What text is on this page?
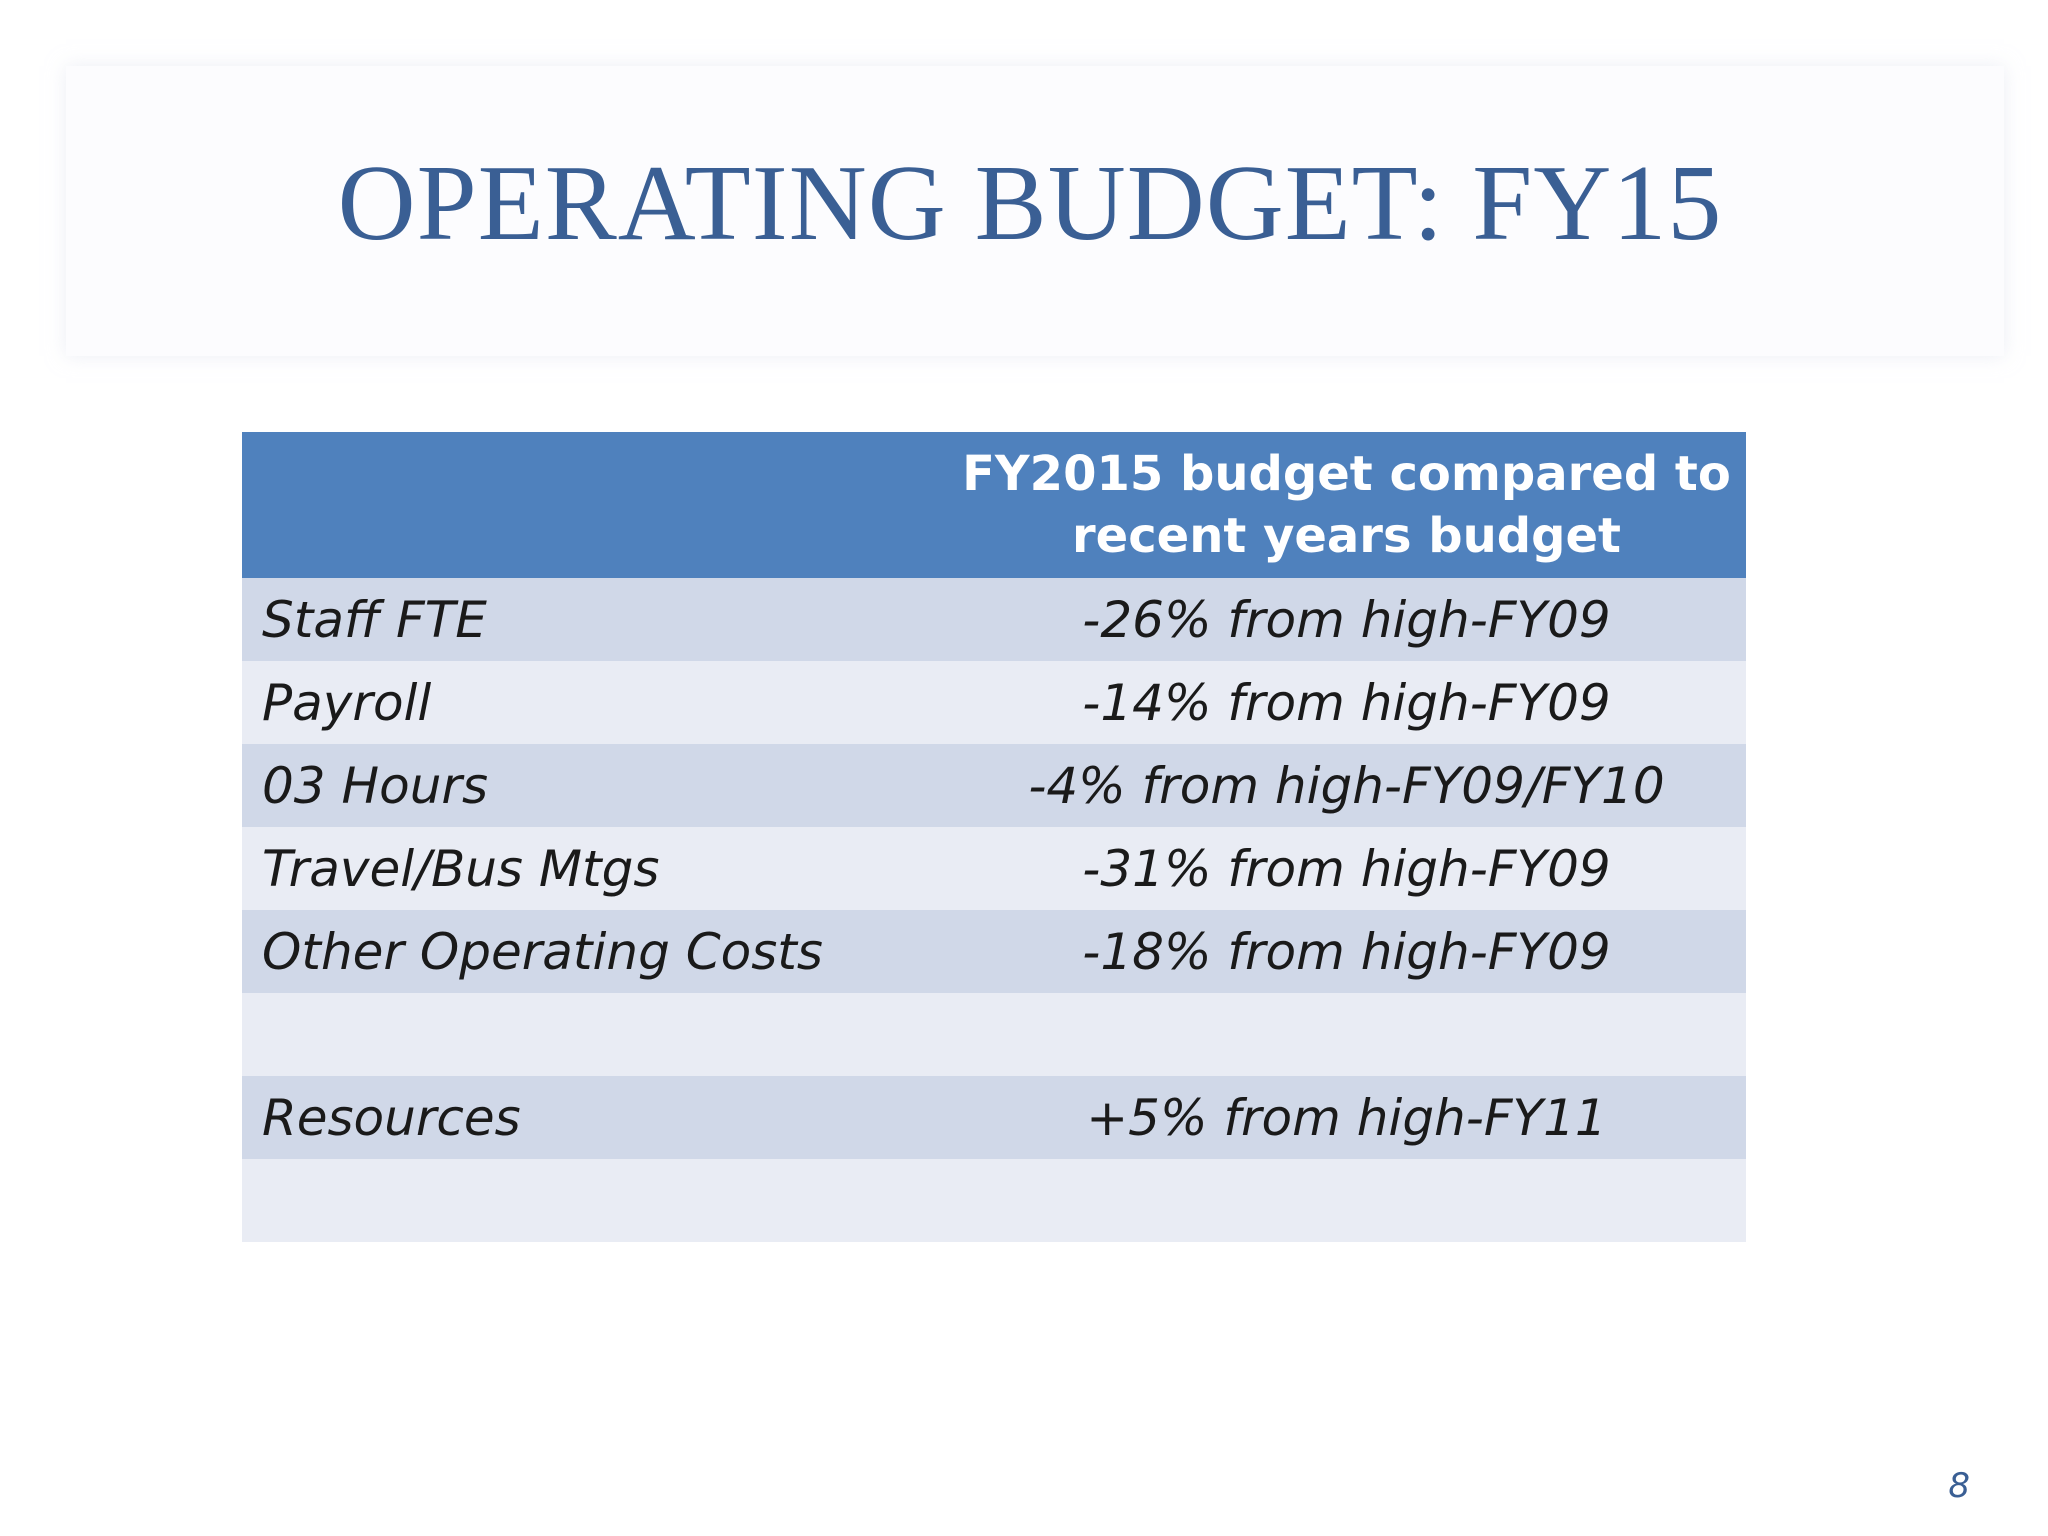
OPERATING BUDGET: FY15
	FY2015 budget compared to
recent years budget
Staff FTE	-26% from high-FY09
Payroll	-14% from high-FY09
03 Hours	-4% from high-FY09/FY10
Travel/Bus Mtgs	-31% from high-FY09
Other Operating Costs	-18% from high-FY09

Resources	+5% from high-FY11

8
